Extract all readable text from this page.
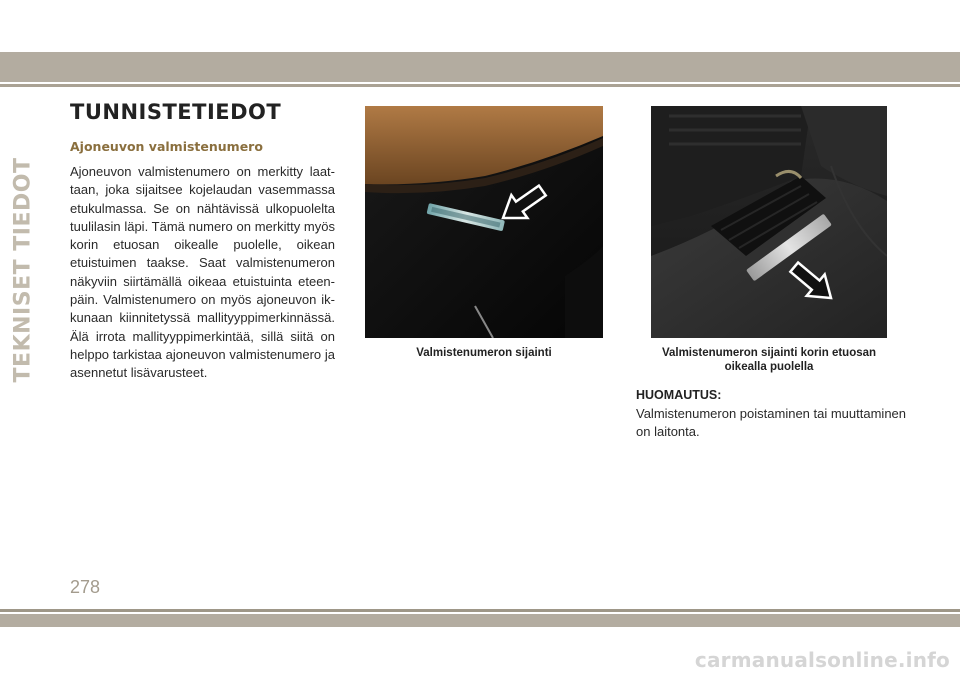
TEKNISET TIEDOT
TUNNISTETIEDOT
Ajoneuvon valmistenumero
Ajoneuvon valmistenumero on merkitty laattaan, joka sijaitsee kojelaudan vasemmassa etukulmassa. Se on nähtävissä ulkopuolelta tuulilasin läpi. Tämä numero on merkitty myös korin etuosan oikealle puolelle, oikean etuistuimen taakse. Saat valmistenumeron näkyviin siirtämällä oikeaa etuistuinta eteenpäin. Valmistenumero on myös ajoneuvon ikkunaan kiinnitetyssä mallityyppimerkinnässä. Älä irrota mallityyppimerkintää, sillä siitä on helppo tarkistaa ajoneuvon valmistenumero ja asennetut lisävarusteet.
Valmistenumeron sijainti	Valmistenumeron sijainti korin etuosan oikealla puolella
HUOMAUTUS:
Valmistenumeron poistaminen tai muuttaminen on laitonta.
278
carmanualsonline.info
